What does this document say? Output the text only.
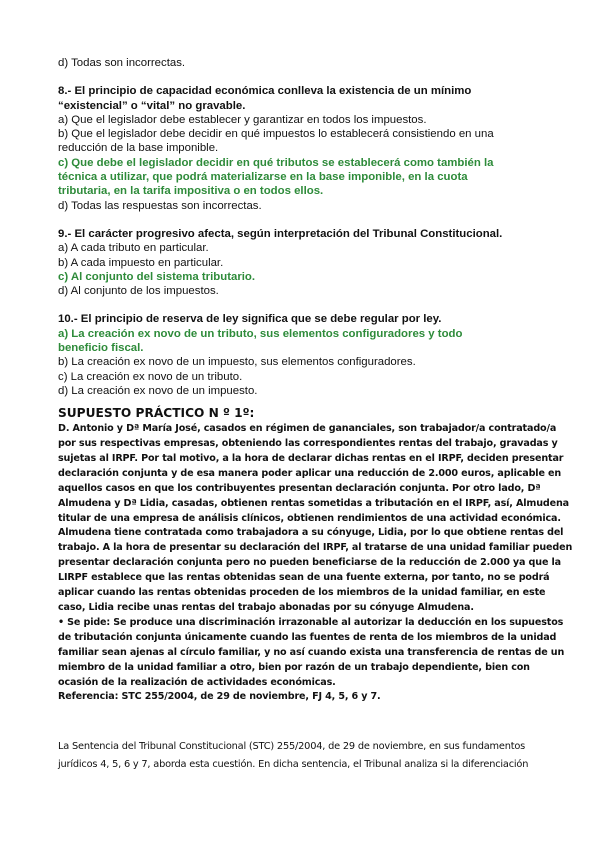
d) Todas son incorrectas.
8.- El principio de capacidad económica conlleva la existencia de un mínimo
“existencial” o “vital” no gravable.
a) Que el legislador debe establecer y garantizar en todos los impuestos.
b) Que el legislador debe decidir en qué impuestos lo establecerá consistiendo en una
reducción de la base imponible.
c) Que debe el legislador decidir en qué tributos se establecerá como también la
técnica a utilizar, que podrá materializarse en la base imponible, en la cuota
tributaria, en la tarifa impositiva o en todos ellos.
d) Todas las respuestas son incorrectas.
9.- El carácter progresivo afecta, según interpretación del Tribunal Constitucional.
a) A cada tributo en particular.
b) A cada impuesto en particular.
c) Al conjunto del sistema tributario.
d) Al conjunto de los impuestos.
10.- El principio de reserva de ley significa que se debe regular por ley.
a) La creación ex novo de un tributo, sus elementos configuradores y todo
beneficio fiscal.
b) La creación ex novo de un impuesto, sus elementos configuradores.
c) La creación ex novo de un tributo.
d) La creación ex novo de un impuesto.
SUPUESTO PRÁCTICO N º 1º:
D. Antonio y Dª María José, casados en régimen de gananciales, son trabajador/a contratado/a
por sus respectivas empresas, obteniendo las correspondientes rentas del trabajo, gravadas y
sujetas al IRPF. Por tal motivo, a la hora de declarar dichas rentas en el IRPF, deciden presentar
declaración conjunta y de esa manera poder aplicar una reducción de 2.000 euros, aplicable en
aquellos casos en que los contribuyentes presentan declaración conjunta. Por otro lado, Dª
Almudena y Dª Lidia, casadas, obtienen rentas sometidas a tributación en el IRPF, así, Almudena
titular de una empresa de análisis clínicos, obtienen rendimientos de una actividad económica.
Almudena tiene contratada como trabajadora a su cónyuge, Lidia, por lo que obtiene rentas del
trabajo. A la hora de presentar su declaración del IRPF, al tratarse de una unidad familiar pueden
presentar declaración conjunta pero no pueden beneficiarse de la reducción de 2.000 ya que la
LIRPF establece que las rentas obtenidas sean de una fuente externa, por tanto, no se podrá
aplicar cuando las rentas obtenidas proceden de los miembros de la unidad familiar, en este
caso, Lidia recibe unas rentas del trabajo abonadas por su cónyuge Almudena.
• Se pide: Se produce una discriminación irrazonable al autorizar la deducción en los supuestos
de tributación conjunta únicamente cuando las fuentes de renta de los miembros de la unidad
familiar sean ajenas al círculo familiar, y no así cuando exista una transferencia de rentas de un
miembro de la unidad familiar a otro, bien por razón de un trabajo dependiente, bien con
ocasión de la realización de actividades económicas.
Referencia: STC 255/2004, de 29 de noviembre, FJ 4, 5, 6 y 7.
La Sentencia del Tribunal Constitucional (STC) 255/2004, de 29 de noviembre, en sus fundamentos
jurídicos 4, 5, 6 y 7, aborda esta cuestión. En dicha sentencia, el Tribunal analiza si la diferenciación
